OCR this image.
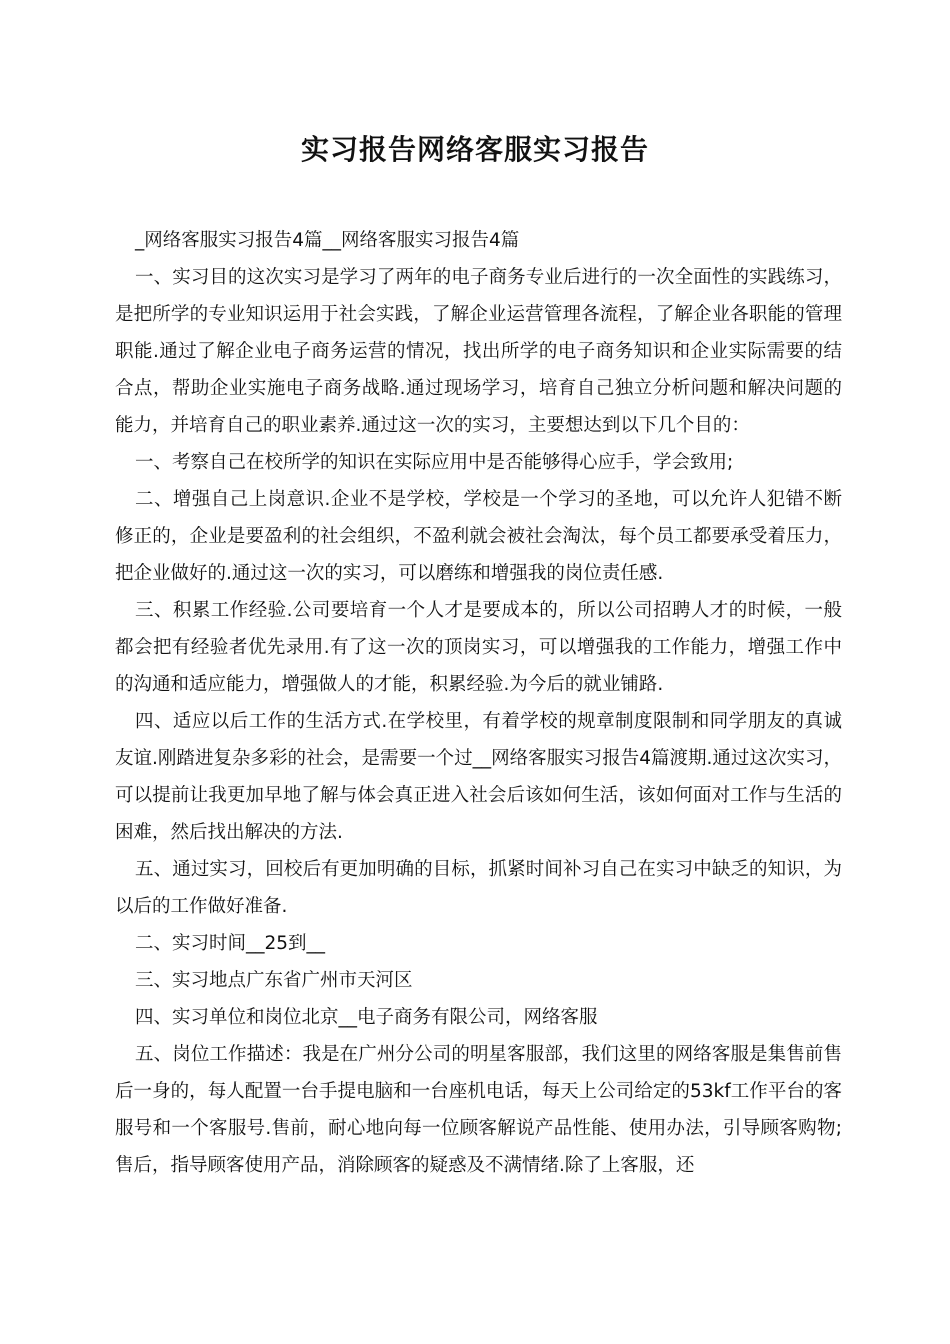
实习报告网络客服实习报告

_网络客服实习报告4篇__网络客服实习报告4篇

一、实习目的这次实习是学习了两年的电子商务专业后进行的一次全面性的实践练习，是把所学的专业知识运用于社会实践，了解企业运营管理各流程，了解企业各职能的管理职能.通过了解企业电子商务运营的情况，找出所学的电子商务知识和企业实际需要的结合点，帮助企业实施电子商务战略.通过现场学习，培育自己独立分析问题和解决问题的能力，并培育自己的职业素养.通过这一次的实习，主要想达到以下几个目的：

一、考察自己在校所学的知识在实际应用中是否能够得心应手，学会致用;

二、增强自己上岗意识.企业不是学校，学校是一个学习的圣地，可以允许人犯错不断修正的，企业是要盈利的社会组织，不盈利就会被社会淘汰，每个员工都要承受着压力，把企业做好的.通过这一次的实习，可以磨练和增强我的岗位责任感.

三、积累工作经验.公司要培育一个人才是要成本的，所以公司招聘人才的时候，一般都会把有经验者优先录用.有了这一次的顶岗实习，可以增强我的工作能力，增强工作中的沟通和适应能力，增强做人的才能，积累经验.为今后的就业铺路.

四、适应以后工作的生活方式.在学校里，有着学校的规章制度限制和同学朋友的真诚友谊.刚踏进复杂多彩的社会，是需要一个过__网络客服实习报告4篇渡期.通过这次实习，可以提前让我更加早地了解与体会真正进入社会后该如何生活，该如何面对工作与生活的困难，然后找出解决的方法.

五、通过实习，回校后有更加明确的目标，抓紧时间补习自己在实习中缺乏的知识，为以后的工作做好准备.

二、实习时间__25到__

三、实习地点广东省广州市天河区

四、实习单位和岗位北京__电子商务有限公司，网络客服

五、岗位工作描述：我是在广州分公司的明星客服部，我们这里的网络客服是集售前售后一身的，每人配置一台手提电脑和一台座机电话，每天上公司给定的53kf工作平台的客服号和一个客服号.售前，耐心地向每一位顾客解说产品性能、使用办法，引导顾客购物;售后，指导顾客使用产品，消除顾客的疑惑及不满情绪.除了上客服，还
